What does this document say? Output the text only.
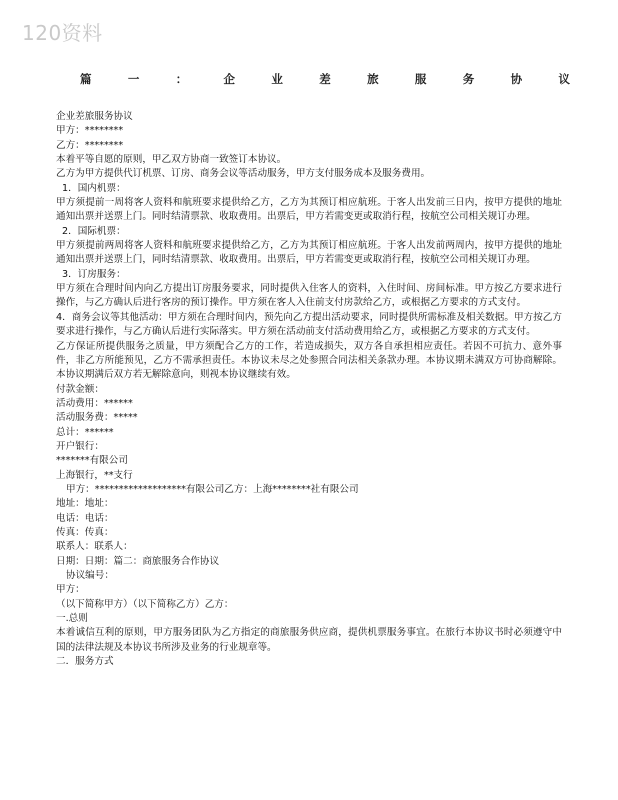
120资料
篇	一	：	企	业	差	旅	服	务	协	议
企业差旅服务协议
甲方：********
乙方：********
本着平等自愿的原则，甲乙双方协商一致签订本协议。
乙方为甲方提供代订机票、订房、商务会议等活动服务，甲方支付服务成本及服务费用。
1．国内机票：
甲方须提前一周将客人资料和航班要求提供给乙方，乙方为其预订相应航班。于客人出发前三日内，按甲方提供的地址通知出票并送票上门。同时结清票款、收取费用。出票后，甲方若需变更或取消行程，按航空公司相关规订办理。
2．国际机票：
甲方须提前两周将客人资料和航班要求提供给乙方，乙方为其预订相应航班。于客人出发前两周内，按甲方提供的地址通知出票并送票上门，同时结清票款、收取费用。出票后，甲方若需变更或取消行程，按航空公司相关规订办理。
3．订房服务：
甲方须在合理时间内向乙方提出订房服务要求，同时提供入住客人的资料，入住时间、房间标准。甲方按乙方要求进行操作，与乙方确认后进行客房的预订操作。甲方须在客人入住前支付房款给乙方，或根据乙方要求的方式支付。
4．商务会议等其他活动：甲方须在合理时间内，预先向乙方提出活动要求，同时提供所需标准及相关数据。甲方按乙方要求进行操作，与乙方确认后进行实际落实。甲方须在活动前支付活动费用给乙方，或根据乙方要求的方式支付。
乙方保证所提供服务之质量，甲方须配合乙方的工作，若造成损失，双方各自承担相应责任。若因不可抗力、意外事件，非乙方所能预见，乙方不需承担责任。本协议未尽之处参照合同法相关条款办理。本协议期未满双方可协商解除。本协议期满后双方若无解除意向，则视本协议继续有效。
付款金额：
活动费用：******
活动服务费：*****
总计：******
开户银行：
*******有限公司
上海银行，**支行
甲方：*******************有限公司乙方：上海********社有限公司
地址：地址：
电话：电话：
传真：传真：
联系人：联系人：
日期：日期：篇二：商旅服务合作协议
协议编号：
甲方：
（以下简称甲方）（以下简称乙方）乙方：
一.总则
本着诚信互利的原则，甲方服务团队为乙方指定的商旅服务供应商，提供机票服务事宜。在旅行本协议书时必须遵守中国的法律法规及本协议书所涉及业务的行业规章等。
二．服务方式
